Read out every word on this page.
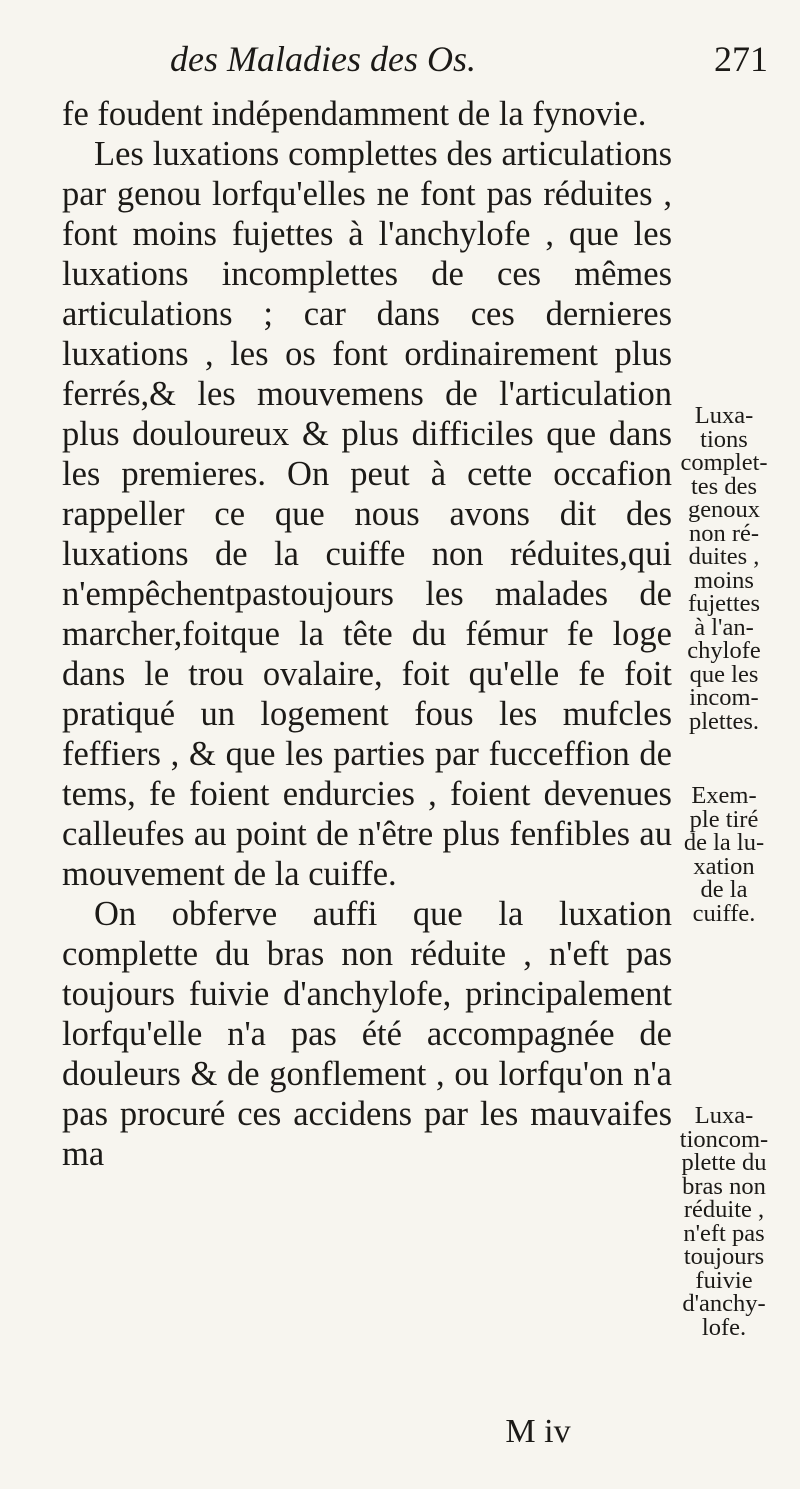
des Maladies des Os.	271

fe foudent indépendamment de la fynovie.

Les luxations complettes des articulations par genou lorfqu'elles ne font pas réduites , font moins fujettes à l'anchylofe , que les luxations incomplettes de ces mêmes articulations ; car dans ces dernieres luxations , les os font ordinairement plus ferrés,& les mouvemens de l'articulation plus douloureux & plus difficiles que dans les premieres. On peut à cette occafion rappeller ce que nous avons dit des luxations de la cuiffe non réduites,qui n'empêchentpastoujours les malades de marcher,foitque la tête du fémur fe loge dans le trou ovalaire, foit qu'elle fe foit pratiqué un logement fous les mufcles feffiers , & que les parties par fucceffion de tems, fe foient endurcies , foient devenues calleufes au point de n'être plus fenfibles au mouvement de la cuiffe.

On obferve auffi que la luxation complette du bras non réduite , n'eft pas toujours fuivie d'anchylofe, principalement lorfqu'elle n'a pas été accompagnée de douleurs & de gonflement , ou lorfqu'on n'a pas procuré ces accidens par les mauvaifes ma

M iv
Luxa-
tions
complet-
tes des
genoux
non ré-
duites ,
moins
fujettes
à l'an-
chylofe
que les
incom-
plettes.
Exem-
ple tiré
de la lu-
xation
de la
cuiffe.
Luxa-
tioncom-
plette du
bras non
réduite ,
n'eft pas
toujours
fuivie
d'anchy-
lofe.
